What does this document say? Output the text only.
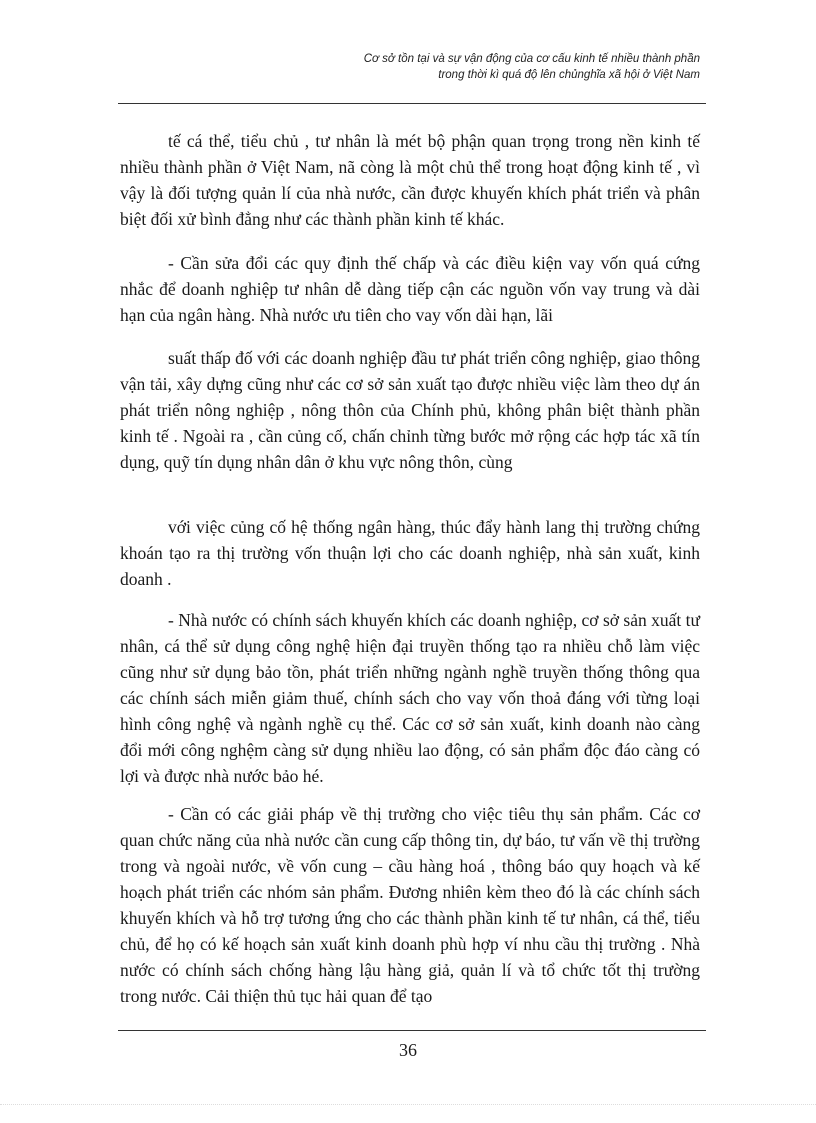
Cơ sở tồn tại và sự vận động của cơ cấu kinh tế nhiều thành phần
trong thời kì quá độ lên chủnghĩa xã hội ở Việt Nam
tế cá thể, tiểu chủ , tư nhân là mét bộ phận quan trọng trong nền kinh tế nhiều thành phần ở Việt Nam, nã còng là một chủ thể trong hoạt động kinh tế , vì vậy là đối tượng quản lí của nhà nước, cần được khuyến khích phát triển và phân biệt đối xử bình đẳng như các thành phần kinh tế khác.
- Cần sửa đổi các quy định thế chấp và các điều kiện vay vốn quá cứng nhắc để doanh nghiệp tư nhân dễ dàng tiếp cận các nguồn vốn vay trung và dài hạn của ngân hàng. Nhà nước ưu tiên cho vay vốn dài hạn, lãi
suất thấp đố với các doanh nghiệp đầu tư phát triển công nghiệp, giao thông vận tải, xây dựng cũng như các cơ sở sản xuất tạo được nhiều việc làm theo dự án phát triển nông nghiệp , nông thôn của Chính phủ, không phân biệt thành phần kinh tế . Ngoài ra , cần củng cố, chấn chỉnh từng bước mở rộng các hợp tác xã tín dụng, quỹ tín dụng nhân dân ở khu vực nông thôn, cùng
với việc củng cố hệ thống ngân hàng, thúc đẩy hành lang thị trường chứng khoán tạo ra thị trường vốn thuận lợi cho các doanh nghiệp, nhà sản xuất, kinh doanh .
- Nhà nước có chính sách khuyến khích các doanh nghiệp, cơ sở sản xuất tư nhân, cá thể sử dụng công nghệ hiện đại truyền thống tạo ra nhiều chỗ làm việc cũng như sử dụng bảo tồn, phát triển những ngành nghề truyền thống thông qua các chính sách miễn giảm thuế, chính sách cho vay vốn thoả đáng với từng loại hình công nghệ và ngành nghề cụ thể. Các cơ sở sản xuất, kinh doanh nào càng đổi mới công nghệm càng sử dụng nhiều lao động, có sản phẩm độc đáo càng có lợi và được nhà nước bảo hé.
- Cần có các giải pháp về thị trường cho việc tiêu thụ sản phẩm. Các cơ quan chức năng của nhà nước cần cung cấp thông tin, dự báo, tư vấn về thị trường trong và ngoài nước, về vốn cung – cầu hàng hoá , thông báo quy hoạch và kế hoạch phát triển các nhóm sản phẩm. Đương nhiên kèm theo đó là các chính sách khuyến khích và hỗ trợ tương ứng cho các thành phần kinh tế tư nhân, cá thể, tiểu chủ, để họ có kế hoạch sản xuất kinh doanh phù hợp ví nhu cầu thị trường . Nhà nước có chính sách chống hàng lậu hàng giả, quản lí và tổ chức tốt thị trường trong nước. Cải thiện thủ tục hải quan để tạo
36
